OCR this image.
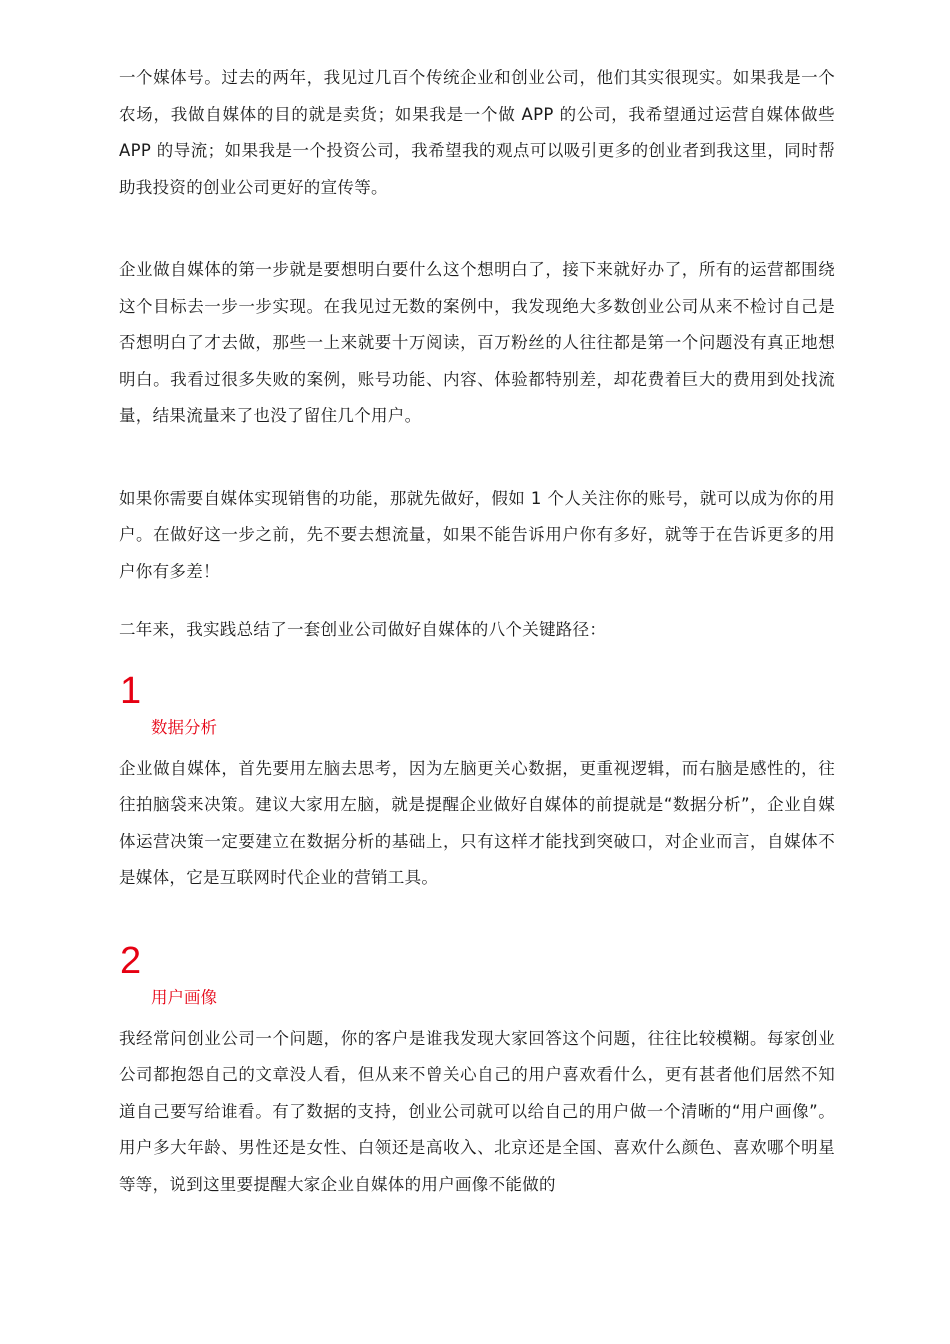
一个媒体号。过去的两年，我见过几百个传统企业和创业公司，他们其实很现实。如果我是一个农场，我做自媒体的目的就是卖货；如果我是一个做 APP 的公司，我希望通过运营自媒体做些 APP 的导流；如果我是一个投资公司，我希望我的观点可以吸引更多的创业者到我这里，同时帮助我投资的创业公司更好的宣传等。

企业做自媒体的第一步就是要想明白要什么这个想明白了，接下来就好办了，所有的运营都围绕这个目标去一步一步实现。在我见过无数的案例中，我发现绝大多数创业公司从来不检讨自己是否想明白了才去做，那些一上来就要十万阅读，百万粉丝的人往往都是第一个问题没有真正地想明白。我看过很多失败的案例，账号功能、内容、体验都特别差，却花费着巨大的费用到处找流量，结果流量来了也没了留住几个用户。

如果你需要自媒体实现销售的功能，那就先做好，假如 1 个人关注你的账号，就可以成为你的用户。在做好这一步之前，先不要去想流量，如果不能告诉用户你有多好，就等于在告诉更多的用户你有多差！

二年来，我实践总结了一套创业公司做好自媒体的八个关键路径：

1

数据分析

企业做自媒体，首先要用左脑去思考，因为左脑更关心数据，更重视逻辑，而右脑是感性的，往往拍脑袋来决策。建议大家用左脑，就是提醒企业做好自媒体的前提就是“数据分析”，企业自媒体运营决策一定要建立在数据分析的基础上，只有这样才能找到突破口，对企业而言，自媒体不是媒体，它是互联网时代企业的营销工具。

2

用户画像

我经常问创业公司一个问题，你的客户是谁我发现大家回答这个问题，往往比较模糊。每家创业公司都抱怨自己的文章没人看，但从来不曾关心自己的用户喜欢看什么，更有甚者他们居然不知道自己要写给谁看。有了数据的支持，创业公司就可以给自己的用户做一个清晰的“用户画像”。用户多大年龄、男性还是女性、白领还是高收入、北京还是全国、喜欢什么颜色、喜欢哪个明星等等，说到这里要提醒大家企业自媒体的用户画像不能做的
